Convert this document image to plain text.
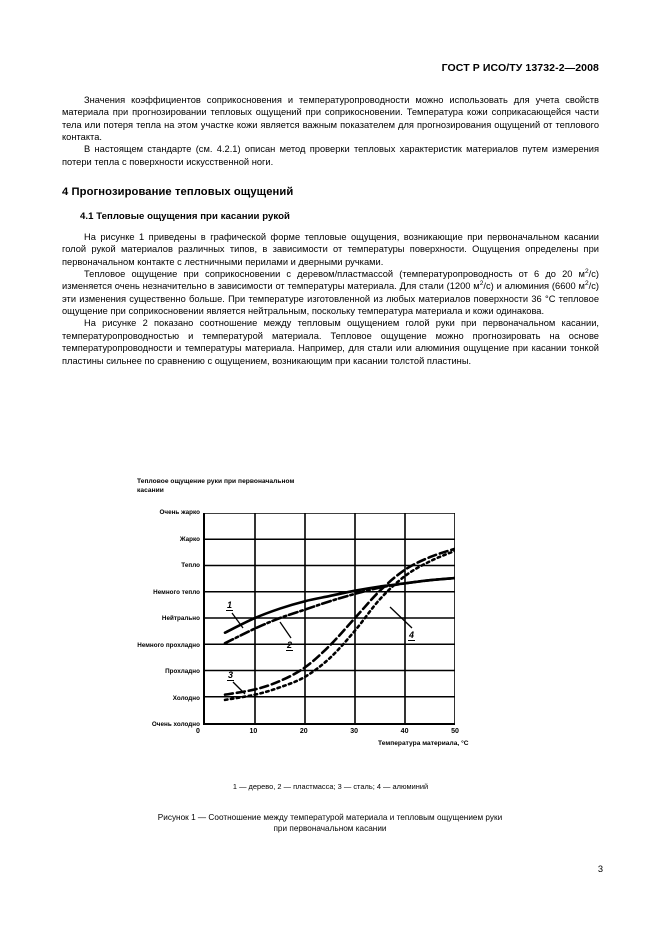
ГОСТ Р ИСО/ТУ 13732-2—2008

Значения коэффициентов соприкосновения и температуропроводности можно использовать для учета свойств материала при прогнозировании тепловых ощущений при соприкосновении. Температура кожи соприкасающейся части тела или потеря тепла на этом участке кожи является важным показателем для прогнозирования ощущений от теплового контакта.

В настоящем стандарте (см. 4.2.1) описан метод проверки тепловых характеристик материалов путем измерения потери тепла с поверхности искусственной ноги.

4 Прогнозирование тепловых ощущений
4.1 Тепловые ощущения при касании рукой

На рисунке 1 приведены в графической форме тепловые ощущения, возникающие при первоначальном касании голой рукой материалов различных типов, в зависимости от температуры поверхности. Ощущения определены при первоначальном контакте с лестничными перилами и дверными ручками.

Тепловое ощущение при соприкосновении с деревом/пластмассой (температуропроводность от 6 до 20 $м^2/с$) изменяется очень незначительно в зависимости от температуры материала. Для стали (1200 $м^2/с$) и алюминия (6600 $м^2/с$) эти изменения существенно больше. При температуре изготовленной из любых материалов поверхности 36 °С тепловое ощущение при соприкосновении является нейтральным, поскольку температура материала и кожи одинакова.

На рисунке 2 показано соотношение между тепловым ощущением голой руки при первоначальном касании, температуропроводностью и температурой материала. Тепловое ощущение можно прогнозировать на основе температуропроводности и температуры материала. Например, для стали или алюминия ощущение при касании тонкой пластины сильнее по сравнению с ощущением, возникающим при касании толстой пластины.

Тепловое ощущение руки при первоначальном касании
Очень холодно
Холодно
Прохладно
Немного прохладно
Нейтрально
Немного тепло
Тепло
Жарко
Очень жарко
0	10	20	30	40	50
Температура материала, °C
1
2
3
4
1 — дерево, 2 — пластмасса; 3 — сталь; 4 — алюминий
Рисунок 1 — Соотношение между температурой материала и тепловым ощущением руки
при первоначальном касании
3
